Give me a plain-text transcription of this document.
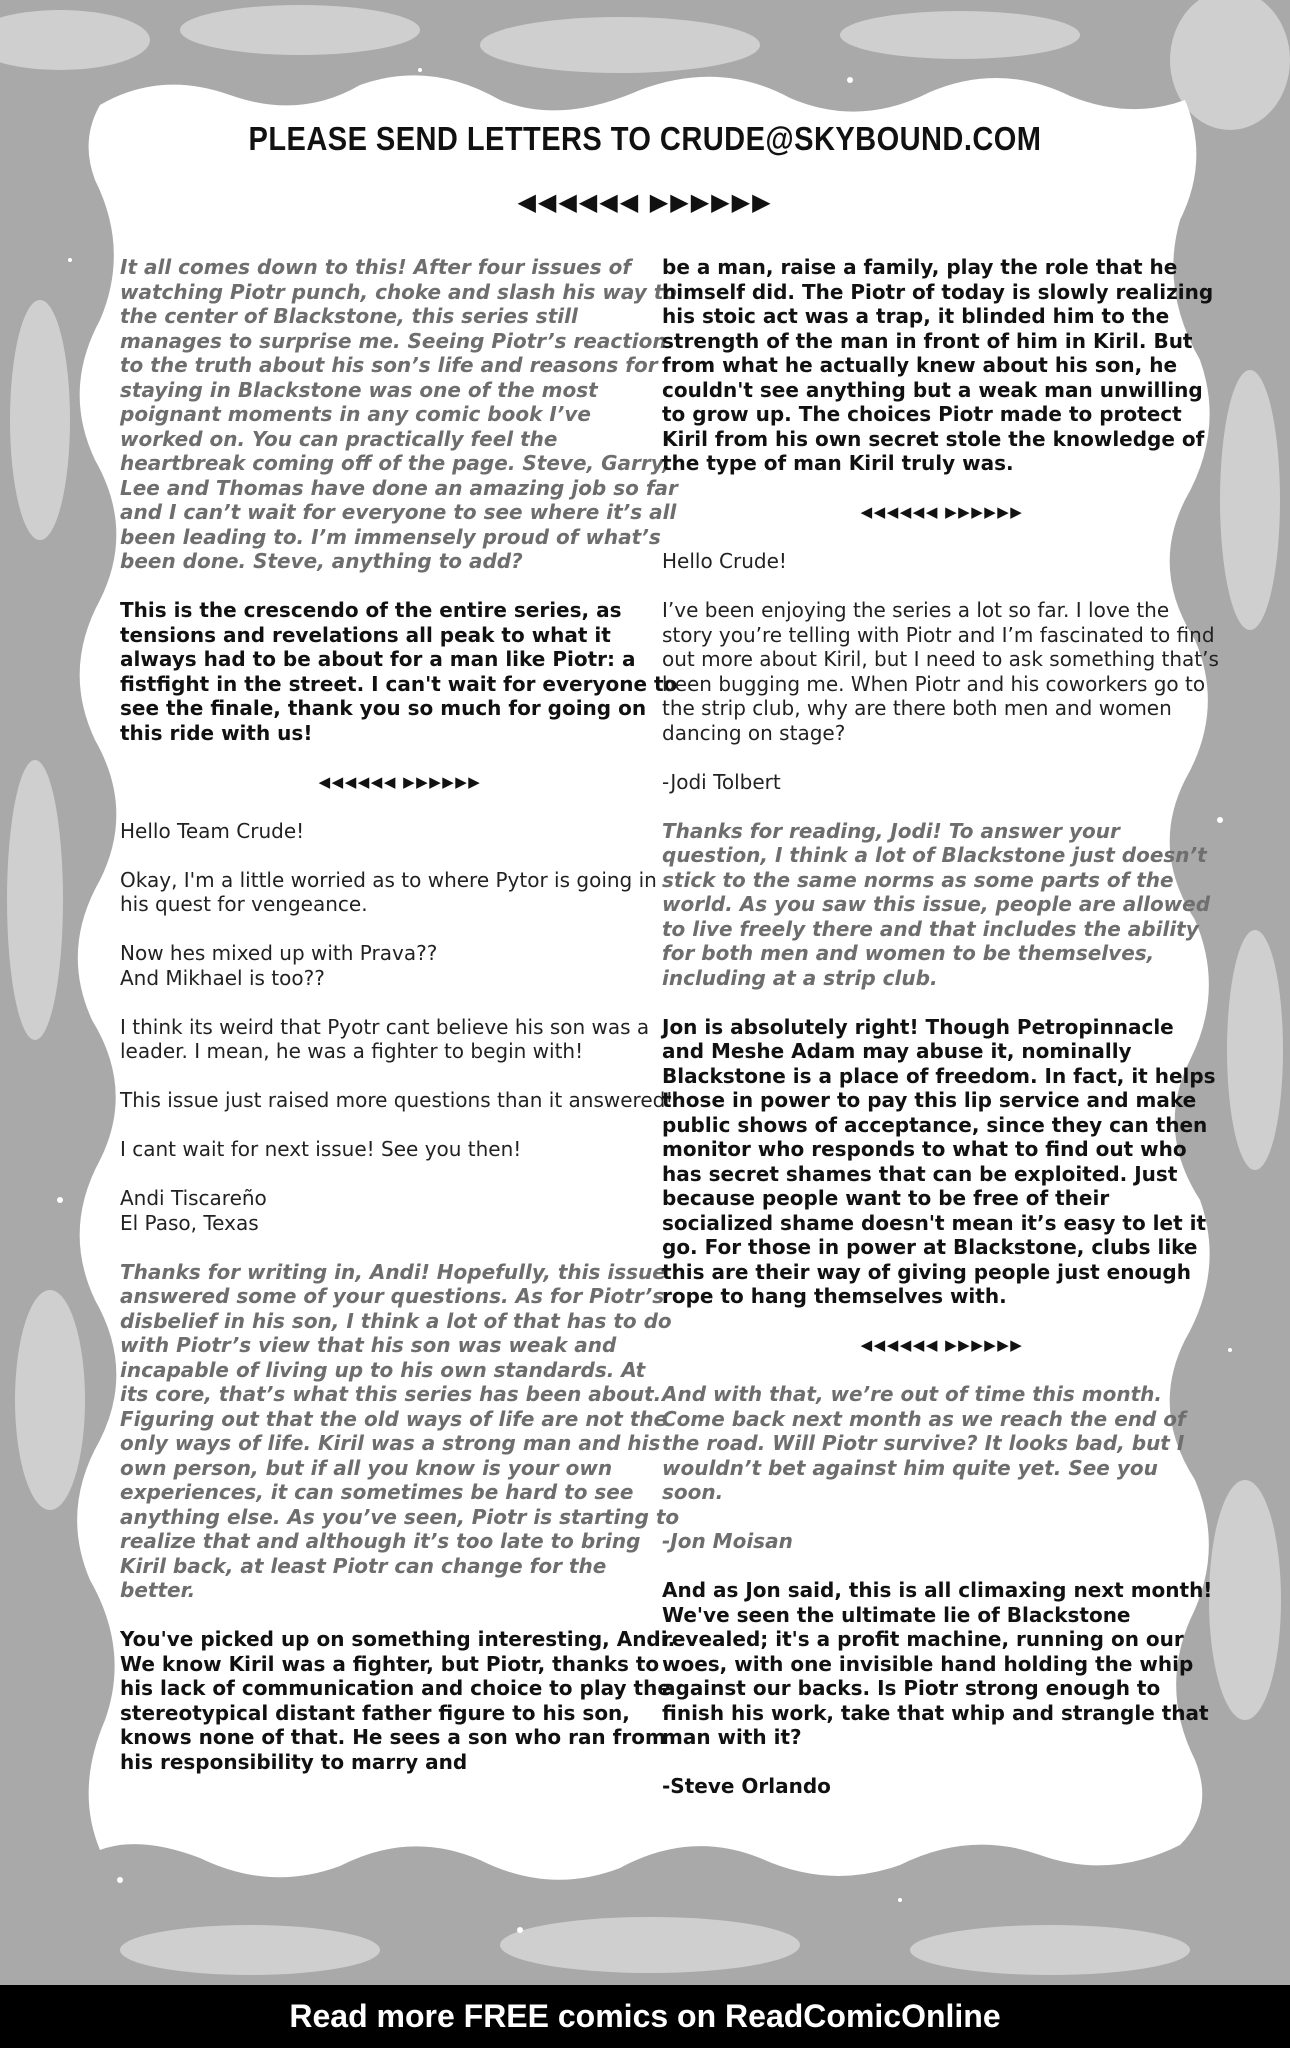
PLEASE SEND LETTERS TO CRUDE@SKYBOUND.COM
◀◀◀◀◀◀ ▶▶▶▶▶▶

It all comes down to this! After four issues of watching Piotr punch, choke and slash his way to the center of Blackstone, this series still manages to surprise me. Seeing Piotr’s reaction to the truth about his son’s life and reasons for staying in Blackstone was one of the most poignant moments in any comic book I’ve worked on. You can practically feel the heartbreak coming off of the page. Steve, Garry, Lee and Thomas have done an amazing job so far and I can’t wait for everyone to see where it’s all been leading to. I’m immensely proud of what’s been done. Steve, anything to add?

This is the crescendo of the entire series, as tensions and revelations all peak to what it always had to be about for a man like Piotr: a fistfight in the street. I can't wait for everyone to see the finale, thank you so much for going on this ride with us!

◀◀◀◀◀◀ ▶▶▶▶▶▶

Hello Team Crude!

Okay, I'm a little worried as to where Pytor is going in his quest for vengeance.

Now hes mixed up with Prava??
And Mikhael is too??

I think its weird that Pyotr cant believe his son was a leader. I mean, he was a fighter to begin with!

This issue just raised more questions than it answered!

I cant wait for next issue! See you then!

Andi Tiscareño
El Paso, Texas

Thanks for writing in, Andi! Hopefully, this issue answered some of your questions. As for Piotr’s disbelief in his son, I think a lot of that has to do with Piotr’s view that his son was weak and incapable of living up to his own standards. At its core, that’s what this series has been about. Figuring out that the old ways of life are not the only ways of life. Kiril was a strong man and his own person, but if all you know is your own experiences, it can sometimes be hard to see anything else. As you’ve seen, Piotr is starting to realize that and although it’s too late to bring Kiril back, at least Piotr can change for the better.

You've picked up on something interesting, Andi. We know Kiril was a fighter, but Piotr, thanks to his lack of communication and choice to play the stereotypical distant father figure to his son, knows none of that. He sees a son who ran from his responsibility to marry and

be a man, raise a family, play the role that he himself did. The Piotr of today is slowly realizing his stoic act was a trap, it blinded him to the strength of the man in front of him in Kiril. But from what he actually knew about his son, he couldn't see anything but a weak man unwilling to grow up. The choices Piotr made to protect Kiril from his own secret stole the knowledge of the type of man Kiril truly was.

◀◀◀◀◀◀ ▶▶▶▶▶▶

Hello Crude!

I’ve been enjoying the series a lot so far. I love the story you’re telling with Piotr and I’m fascinated to find out more about Kiril, but I need to ask something that’s been bugging me. When Piotr and his coworkers go to the strip club, why are there both men and women dancing on stage?

-Jodi Tolbert

Thanks for reading, Jodi! To answer your question, I think a lot of Blackstone just doesn’t stick to the same norms as some parts of the world. As you saw this issue, people are allowed to live freely there and that includes the ability for both men and women to be themselves, including at a strip club.

Jon is absolutely right! Though Petropinnacle and Meshe Adam may abuse it, nominally Blackstone is a place of freedom. In fact, it helps those in power to pay this lip service and make public shows of acceptance, since they can then monitor who responds to what to find out who has secret shames that can be exploited. Just because people want to be free of their socialized shame doesn't mean it’s easy to let it go. For those in power at Blackstone, clubs like this are their way of giving people just enough rope to hang themselves with.

◀◀◀◀◀◀ ▶▶▶▶▶▶

And with that, we’re out of time this month. Come back next month as we reach the end of the road. Will Piotr survive? It looks bad, but I wouldn’t bet against him quite yet. See you soon.

-Jon Moisan

And as Jon said, this is all climaxing next month! We've seen the ultimate lie of Blackstone revealed; it's a profit machine, running on our woes, with one invisible hand holding the whip against our backs. Is Piotr strong enough to finish his work, take that whip and strangle that man with it?

-Steve Orlando

Read more FREE comics on ReadComicOnline
